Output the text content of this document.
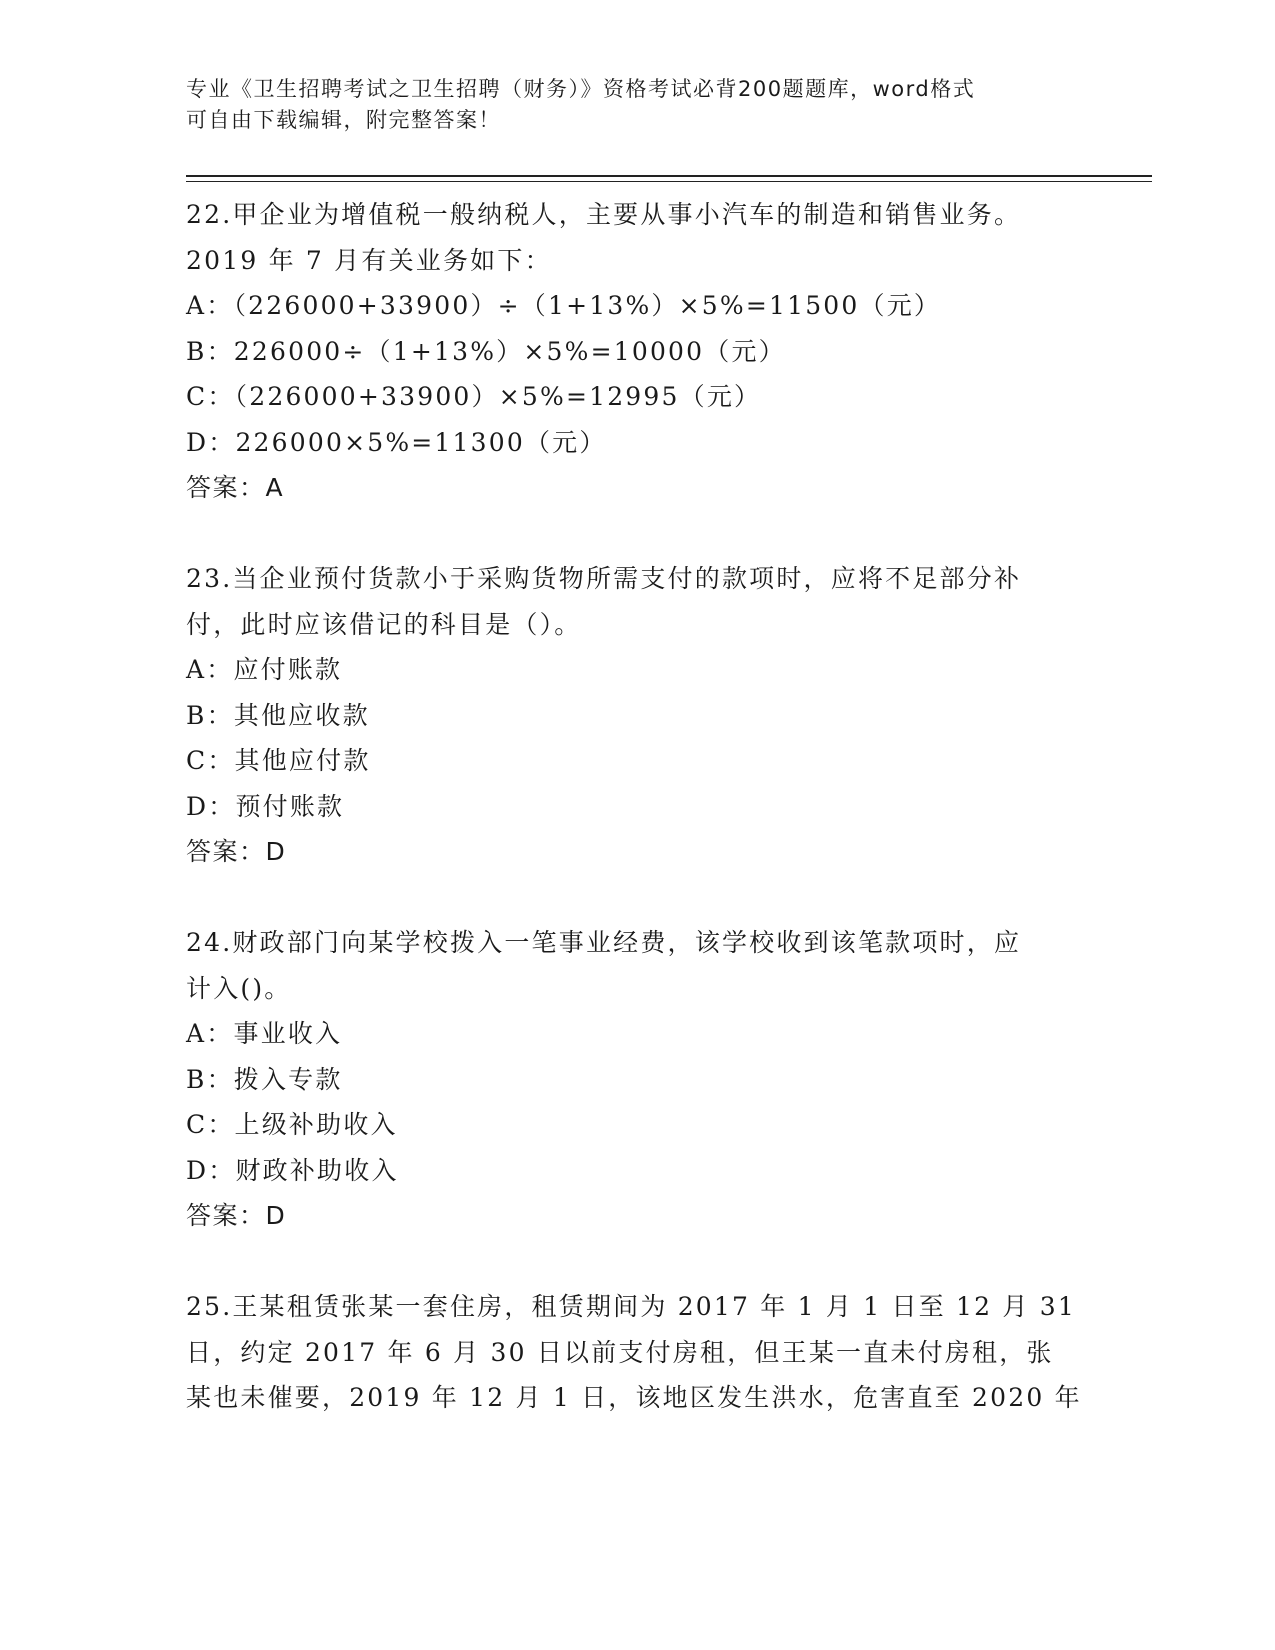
专业《卫生招聘考试之卫生招聘（财务）》资格考试必背200题题库，word格式
可自由下载编辑，附完整答案！
22.甲企业为增值税一般纳税人，主要从事小汽车的制造和销售业务。
2019 年 7 月有关业务如下：
A：（226000+33900）÷（1+13%）×5%=11500（元）
B：226000÷（1+13%）×5%=10000（元）
C：（226000+33900）×5%=12995（元）
D：226000×5%=11300（元）
答案：A
23.当企业预付货款小于采购货物所需支付的款项时，应将不足部分补
付，此时应该借记的科目是（）。
A：应付账款
B：其他应收款
C：其他应付款
D：预付账款
答案：D
24.财政部门向某学校拨入一笔事业经费，该学校收到该笔款项时，应
计入()。
A：事业收入
B：拨入专款
C：上级补助收入
D：财政补助收入
答案：D
25.王某租赁张某一套住房，租赁期间为 2017 年 1 月 1 日至 12 月 31
日，约定 2017 年 6 月 30 日以前支付房租，但王某一直未付房租，张
某也未催要，2019 年 12 月 1 日，该地区发生洪水，危害直至 2020 年
